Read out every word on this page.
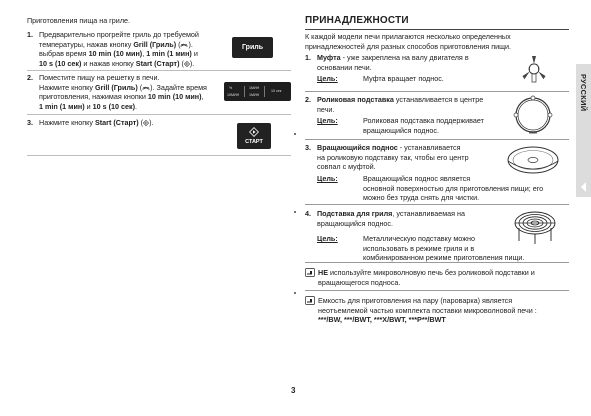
Приготовления пища на гриле.
1. Предварительно прогрейте гриль до требуемой
температуры, нажав кнопку Grill (Гриль) ( ).
выбрав время 10 min (10 мин), 1 min (1 мин) и
10 s (10 сек) и нажав кнопку Start (Старт) ( ).
Гриль
2. Поместите пищу на решетку в печи.
Нажмите кнопку Grill (Гриль) ( ). Задайте время
приготовления, нажимая кнопки 10 min (10 мин),
1 min (1 мин) и 10 s (10 сек).
%
10МИН
1МИН
1МИН
10 сек
3. Нажмите кнопку Start (Старт) ( ).
СТАРТ
ПРИНАДЛЕЖНОСТИ
К каждой модели печи прилагаются несколько определенных
принадлежностей для разных способов приготовления пищи.
1. Муфта - уже закреплена на валу двигателя в
основании печи.
Цель:	Муфта вращает поднос.
2. Роликовая подставка устанавливается в центре
печи.
Цель:	Роликовая подставка поддерживает
вращающийся поднос.
3. Вращающийся поднос - устанавливается
на роликовую подставку так, чтобы его центр
совпал с муфтой.
Цель:	Вращающийся поднос является
основной поверхностью для приготовления пищи; его
можно без труда снять для чистки.
4. Подставка для гриля, устанавливаемая на
вращающийся поднос.
Цель:	Металлическую подставку можно
использовать в режиме гриля и в
комбинированном режиме приготовления пищи.
НЕ используйте микроволновую печь без роликовой подставки и
вращающегося подноса.
Емкость для приготовления на пару (пароварка) является
неотъемлемой частью комплекта поставки микроволновой печи :
***/BW, ***/BWT, ***X/BWT, ***P**/BWT
РУССКИЙ
3
